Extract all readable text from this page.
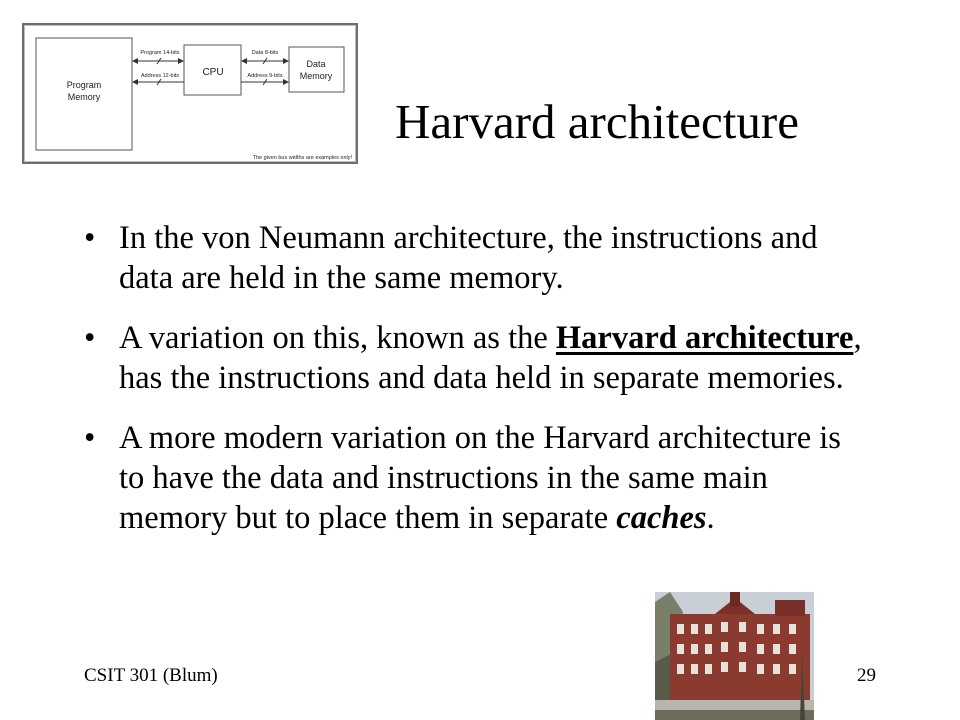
Program
Memory
CPU
Data
Memory
Program 14-bits
Address 12-bits
Data 8-bits
Address 9-bits
The given bus widths are examples only!
Harvard architecture
• In the von Neumann architecture, the instructions and data are held in the same memory.
• A variation on this, known as the Harvard architecture, has the instructions and data held in separate memories.
• A more modern variation on the Harvard architecture is to have the data and instructions in the same main memory but to place them in separate caches.
CSIT 301 (Blum)	29
